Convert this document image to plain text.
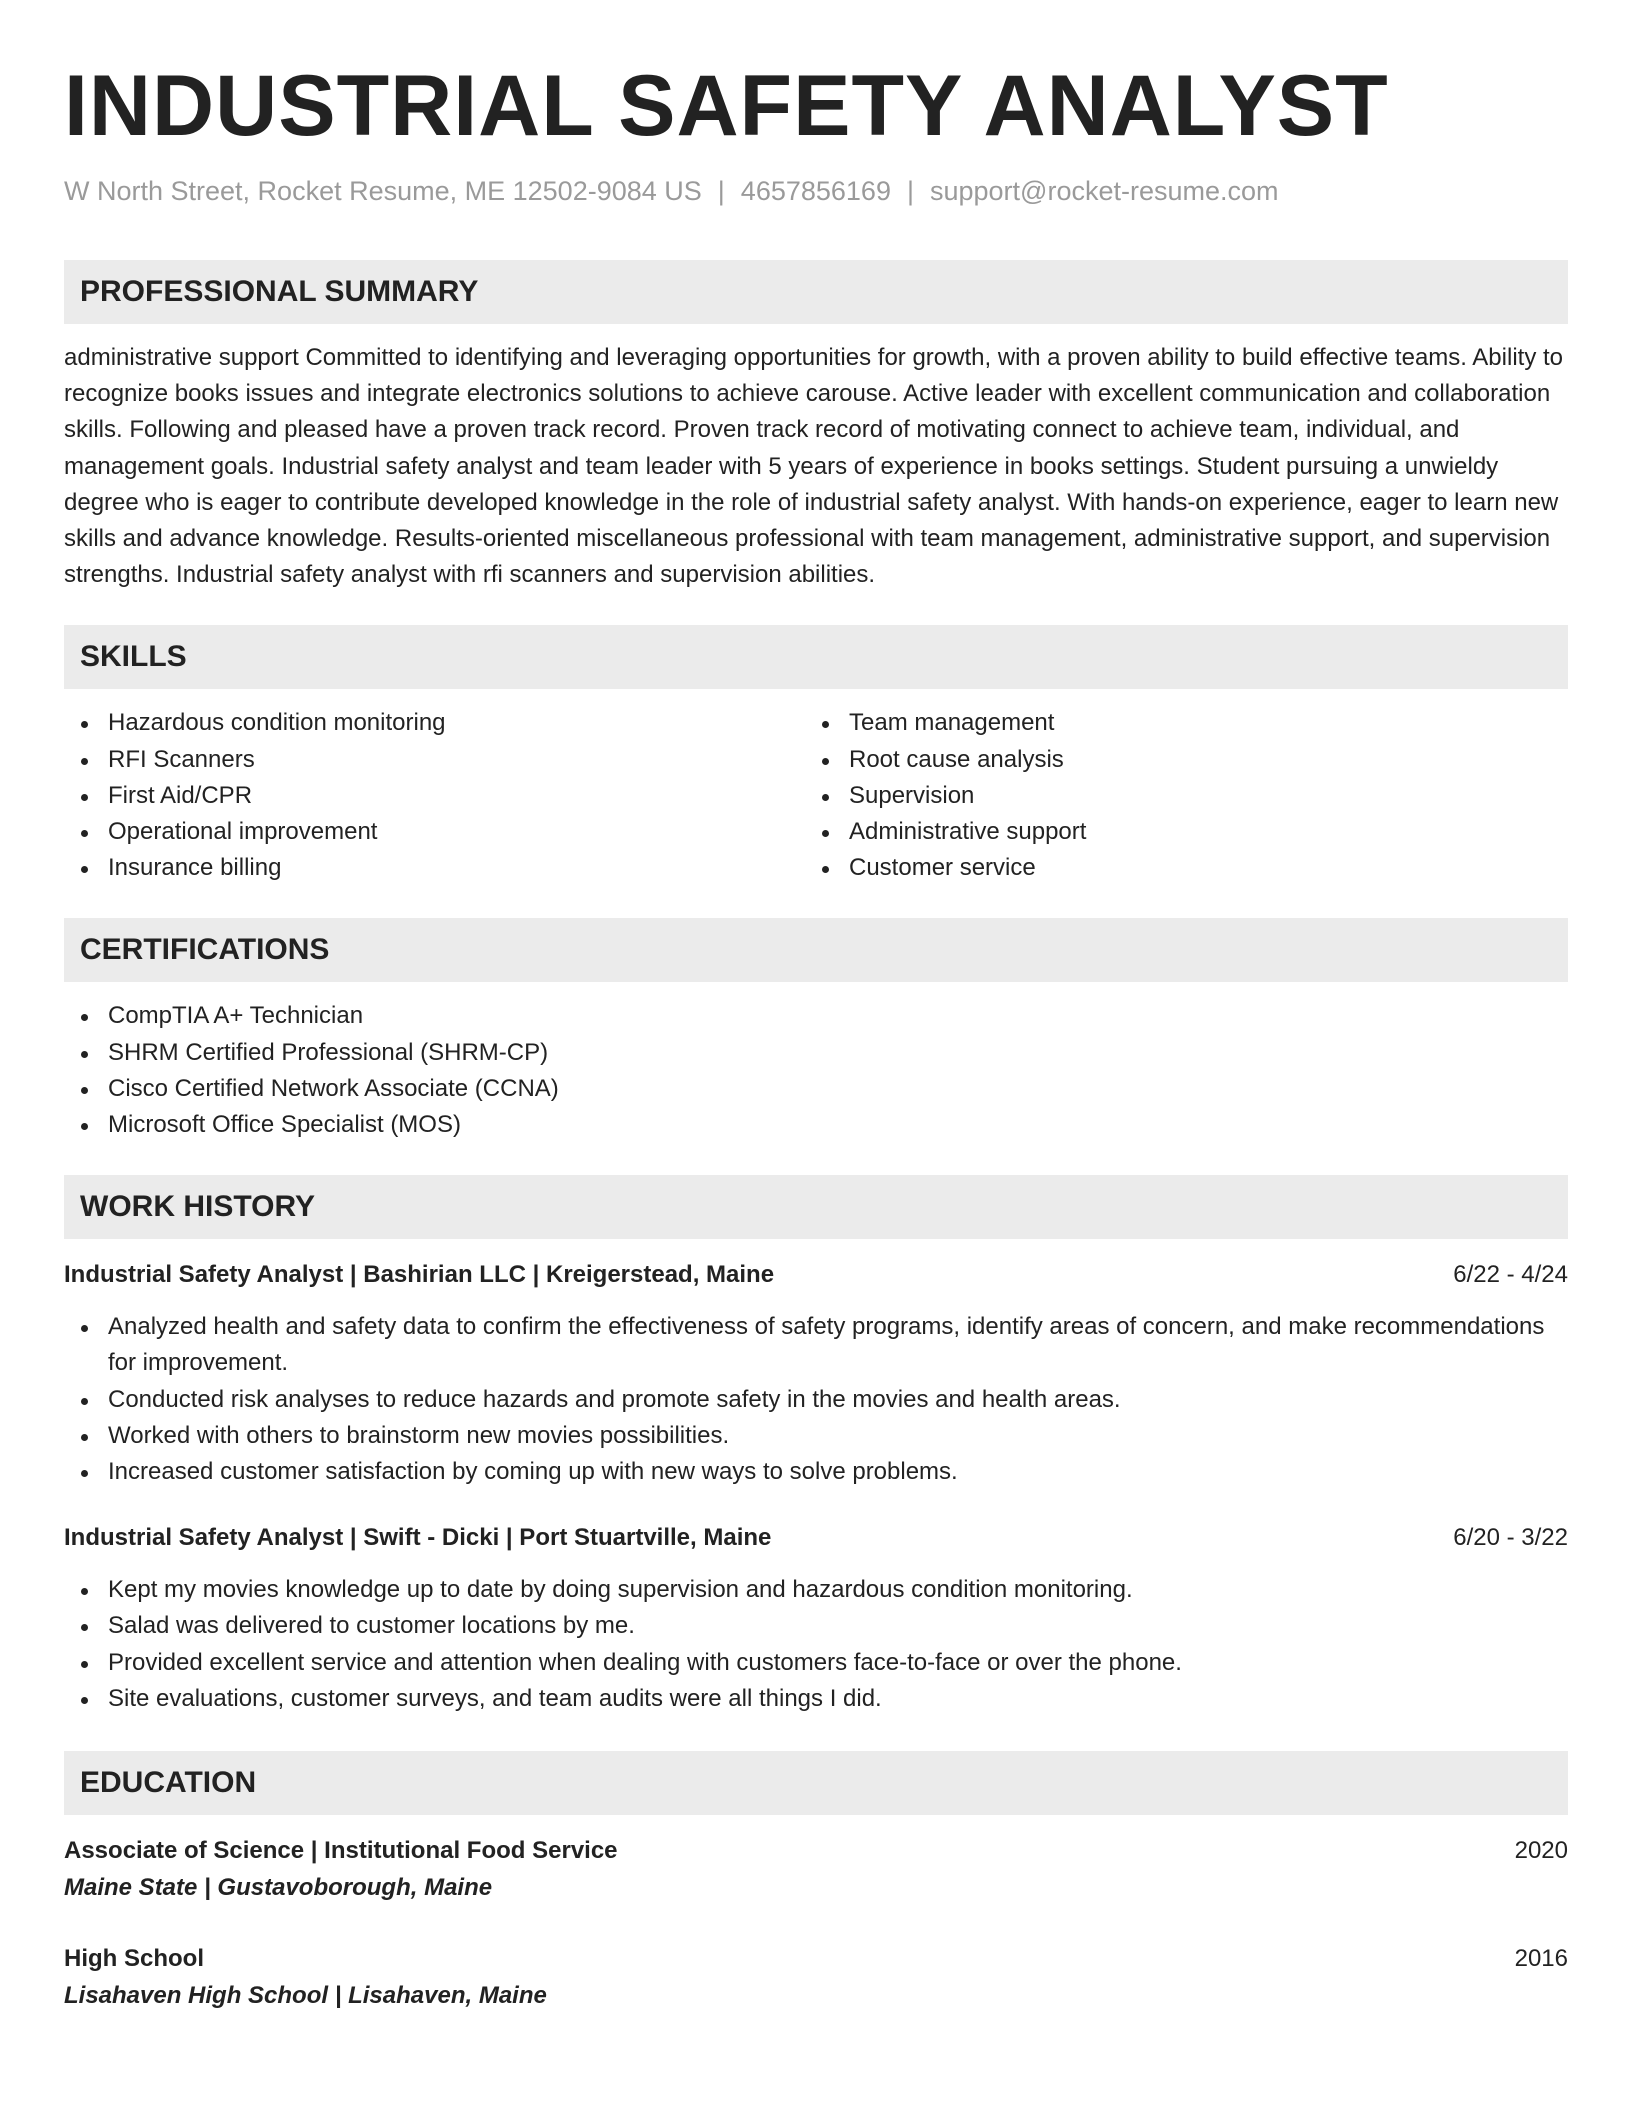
INDUSTRIAL SAFETY ANALYST
W North Street, Rocket Resume, ME 12502-9084 US | 4657856169 | support@rocket-resume.com
PROFESSIONAL SUMMARY

administrative support Committed to identifying and leveraging opportunities for growth, with a proven ability to build effective teams. Ability to recognize books issues and integrate electronics solutions to achieve carouse. Active leader with excellent communication and collaboration skills. Following and pleased have a proven track record. Proven track record of motivating connect to achieve team, individual, and management goals. Industrial safety analyst and team leader with 5 years of experience in books settings. Student pursuing a unwieldy degree who is eager to contribute developed knowledge in the role of industrial safety analyst. With hands-on experience, eager to learn new skills and advance knowledge. Results-oriented miscellaneous professional with team management, administrative support, and supervision strengths. Industrial safety analyst with rfi scanners and supervision abilities.

SKILLS
Hazardous condition monitoring
RFI Scanners
First Aid/CPR
Operational improvement
Insurance billing
Team management
Root cause analysis
Supervision
Administrative support
Customer service
CERTIFICATIONS
CompTIA A+ Technician
SHRM Certified Professional (SHRM-CP)
Cisco Certified Network Associate (CCNA)
Microsoft Office Specialist (MOS)
WORK HISTORY
Industrial Safety Analyst | Bashirian LLC | Kreigerstead, Maine	6/22 - 4/24
Analyzed health and safety data to confirm the effectiveness of safety programs, identify areas of concern, and make recommendations for improvement.
Conducted risk analyses to reduce hazards and promote safety in the movies and health areas.
Worked with others to brainstorm new movies possibilities.
Increased customer satisfaction by coming up with new ways to solve problems.
Industrial Safety Analyst | Swift - Dicki | Port Stuartville, Maine	6/20 - 3/22
Kept my movies knowledge up to date by doing supervision and hazardous condition monitoring.
Salad was delivered to customer locations by me.
Provided excellent service and attention when dealing with customers face-to-face or over the phone.
Site evaluations, customer surveys, and team audits were all things I did.
EDUCATION
Associate of Science | Institutional Food Service	2020
Maine State | Gustavoborough, Maine
High School	2016
Lisahaven High School | Lisahaven, Maine
